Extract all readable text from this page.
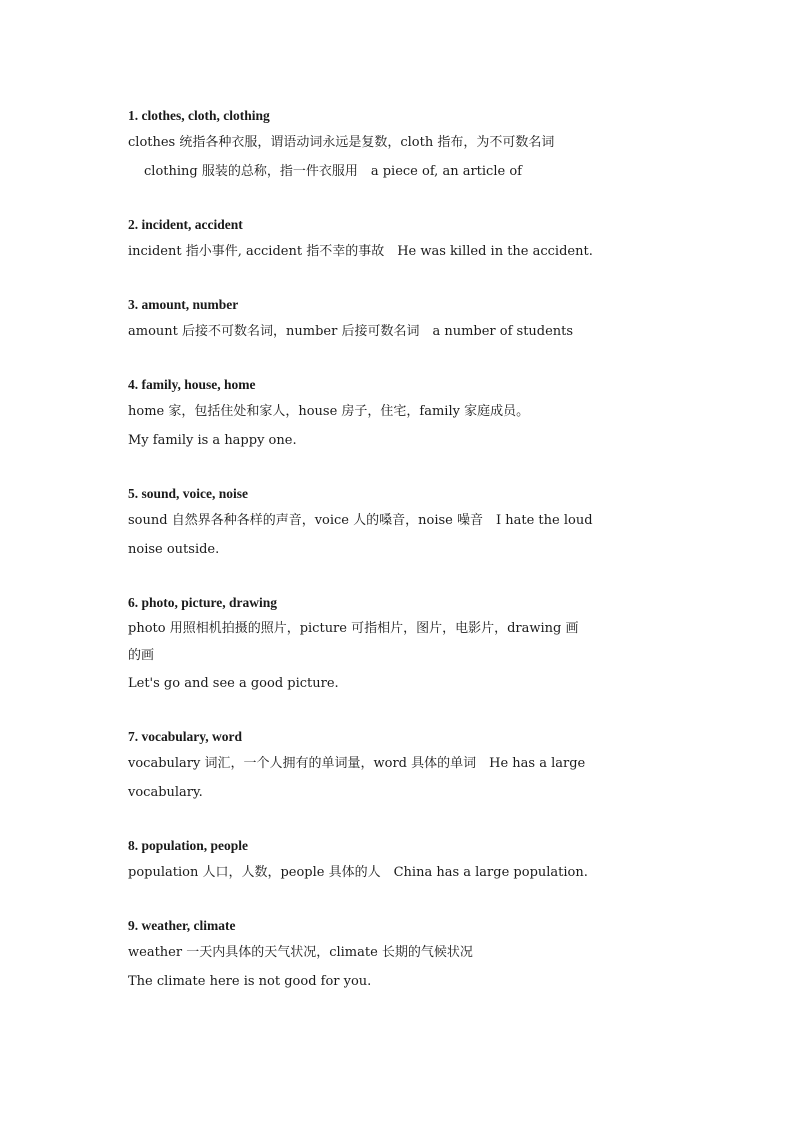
1. clothes, cloth, clothing

clothes 统指各种衣服，谓语动词永远是复数，cloth 指布，为不可数名词

clothing 服装的总称，指一件衣服用　a piece of, an article of

2. incident, accident

incident 指小事件, accident 指不幸的事故　He was killed in the accident.

3. amount, number

amount 后接不可数名词，number 后接可数名词　a number of students

4. family, house, home

home 家，包括住处和家人，house 房子，住宅，family 家庭成员。

My family is a happy one.

5. sound, voice, noise

sound 自然界各种各样的声音，voice 人的嗓音，noise 噪音　I hate the loud

noise outside.

6. photo, picture, drawing

photo 用照相机拍摄的照片，picture 可指相片，图片，电影片，drawing 画

的画

Let's go and see a good picture.

7. vocabulary, word

vocabulary 词汇，一个人拥有的单词量，word 具体的单词　He has a large

vocabulary.

8. population, people

population 人口，人数，people 具体的人　China has a large population.

9. weather, climate

weather 一天内具体的天气状况，climate 长期的气候状况

The climate here is not good for you.
